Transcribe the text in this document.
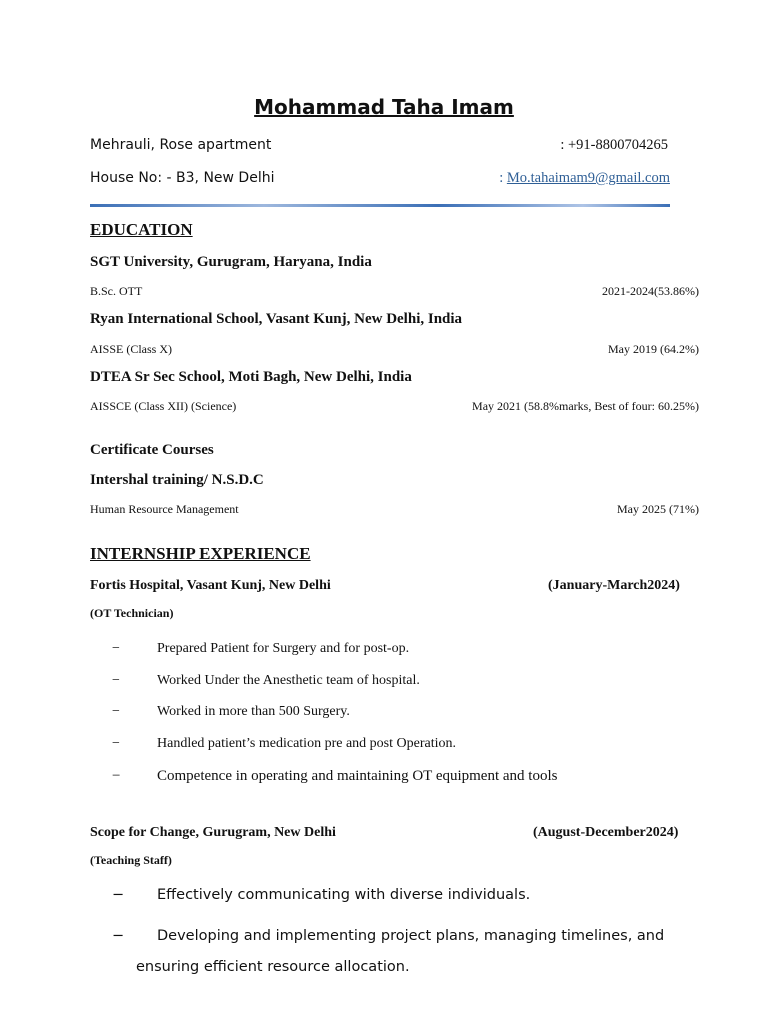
Mohammad Taha Imam
Mehrauli, Rose apartment	: +91-8800704265
House No: - B3, New Delhi	: Mo.tahaimam9@gmail.com
EDUCATION
SGT University, Gurugram, Haryana, India
B.Sc. OTT	2021-2024(53.86%)
Ryan International School, Vasant Kunj, New Delhi, India
AISSE (Class X)	May 2019 (64.2%)
DTEA Sr Sec School, Moti Bagh, New Delhi, India
AISSCE (Class XII) (Science)	May 2021 (58.8%marks, Best of four: 60.25%)
Certificate Courses
Intershal training/ N.S.D.C
Human Resource Management	May 2025 (71%)
INTERNSHIP EXPERIENCE
Fortis Hospital, Vasant Kunj, New Delhi	(January-March2024)
(OT Technician)
−	Prepared Patient for Surgery and for post-op.
−	Worked Under the Anesthetic team of hospital.
−	Worked in more than 500 Surgery.
−	Handled patient’s medication pre and post Operation.
− Competence in operating and maintaining OT equipment and tools
Scope for Change, Gurugram, New Delhi	(August-December2024)
(Teaching Staff)
− Effectively communicating with diverse individuals.
− Developing and implementing project plans, managing timelines, and
ensuring efficient resource allocation.
